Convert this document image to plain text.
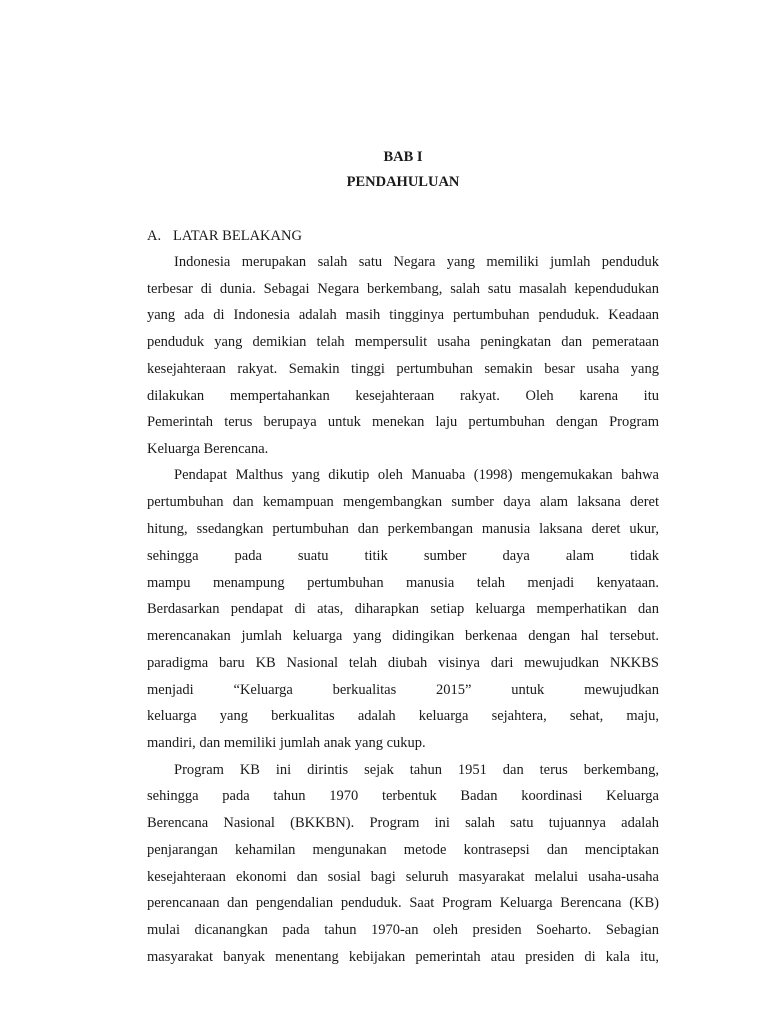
BAB I
PENDAHULUAN
A. LATAR BELAKANG
Indonesia merupakan salah satu Negara yang memiliki jumlah penduduk
terbesar di dunia. Sebagai Negara berkembang, salah satu masalah kependudukan
yang ada di Indonesia adalah masih tingginya pertumbuhan penduduk. Keadaan
penduduk yang demikian telah mempersulit usaha peningkatan dan pemerataan
kesejahteraan rakyat. Semakin tinggi pertumbuhan semakin besar usaha yang
dilakukan mempertahankan kesejahteraan rakyat. Oleh karena itu
Pemerintah terus berupaya untuk menekan laju pertumbuhan dengan Program
Keluarga Berencana.
Pendapat Malthus yang dikutip oleh Manuaba (1998) mengemukakan bahwa
pertumbuhan dan kemampuan mengembangkan sumber daya alam laksana deret
hitung, ssedangkan pertumbuhan dan perkembangan manusia laksana deret ukur,
sehingga pada suatu titik sumber daya alam tidak
mampu menampung pertumbuhan manusia telah menjadi kenyataan.
Berdasarkan pendapat di atas, diharapkan setiap keluarga memperhatikan dan
merencanakan jumlah keluarga yang didingikan berkenaa dengan hal tersebut.
paradigma baru KB Nasional telah diubah visinya dari mewujudkan NKKBS
menjadi “Keluarga berkualitas 2015” untuk mewujudkan
keluarga yang berkualitas adalah keluarga sejahtera, sehat, maju,
mandiri, dan memiliki jumlah anak yang cukup.
Program KB ini dirintis sejak tahun 1951 dan terus berkembang,
sehingga pada tahun 1970 terbentuk Badan koordinasi Keluarga
Berencana Nasional (BKKBN). Program ini salah satu tujuannya adalah
penjarangan kehamilan mengunakan metode kontrasepsi dan menciptakan
kesejahteraan ekonomi dan sosial bagi seluruh masyarakat melalui usaha-usaha
perencanaan dan pengendalian penduduk. Saat Program Keluarga Berencana (KB)
mulai dicanangkan pada tahun 1970-an oleh presiden Soeharto. Sebagian
masyarakat banyak menentang kebijakan pemerintah atau presiden di kala itu,
